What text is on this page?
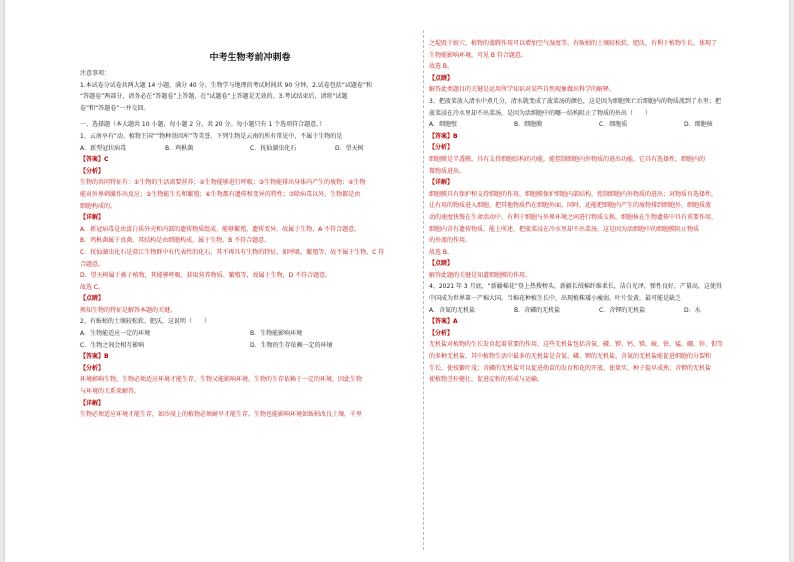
中考生物考前冲刺卷
注意事项：
1.本试卷分试卷共两大题 14 小题，满分 40 分。生物学与地理的考试时间共 90 分钟。2.试卷包括“试题卷”和
“答题卷”两部分，请务必在“答题卷”上答题，在“试题卷”上答题是无效的。3.考试结束后，请将“试题
卷”和“答题卷”一并交回。
一、选择题（本大题共 10 小题，每小题 2 分，共 20 分。每小题只有 1 个选项符合题意。）
1、云南享有“动、植物王国”“物种基因库”等美誉。下列生物是云南的所有常见中，不属于生物的是
A．新型冠状病毒	B．鸡枞菌	C．抚仙湖虫化石	D．望天树
【答案】C
【分析】
生物的共同特征有：①生物的生活需要营养；②生物能够进行呼吸；③生物能排出身体内产生的废物；④生物
能对外界刺激作出反应；⑤生物能生长和繁殖；⑥生物都有遗传和变异的特性；⑦除病毒以外，生物都是由
细胞构成的。
【详解】
A．新冠病毒是由蛋白质外壳和内部的遗传物质组成，能够繁殖，遗传变异，故属于生物，A 不符合题意。
B．鸡枞菌属于真菌，其结构是由细胞构成，属于生物，B 不符合题意。
C．抚仙湖虫化石是澄江生物群中有代表性的化石，其不再具有生物的特征，如呼吸、繁殖等，故不属于生物，C 符
合题意。
D．望天树属于被子植物，其能够呼吸、获取营养物质、繁殖等，故属于生物，D 不符合题意。
故选 C。
【点睛】
熟知生物的特征是解答本题的关键。
2、有蚯蚓的土壤较松软、肥沃，这说明（　　）
A．生物能适应一定的环境	B．生物能影响环境
C．生物之间会相互影响	D．生物的生存依赖一定的环境
【答案】B
【分析】
环境影响生物，生物必须适应环境才能生存，生物又能影响环境。生物的生存依赖于一定的环境，因此生物
与环境的关系来解答。
【详解】
生物必须适应环境才能生存，如沙漠上的植物必须耐旱才能生存。生物也能影响环境如蚯蚓改良土壤，千里
之堤毁于蚁穴，植物的蒸腾作用可以增加空气湿度等。有蚯蚓的土壤较松软、肥沃，有利于植物生长，体现了
生物能影响环境，可见 B 符合题意。
故选 B。
【点睛】
解答此类题目的关键是运用所学知识对某些自然现象做出科学的解释。
3、把菠菜放入清水中煮几分，清水就变成了菠菜汤的颜色，这是因为细胞死亡后细胞内的物质流到了水里；把
菠菜浸在冷水里却不出菜汤，是因为活细胞中的哪一结构阻止了物质的外出（　　）
A．细胞壁	B．细胞膜	C．细胞质	D．细胞核
【答案】B
【分析】
细胞膜是半透膜，具有支持细胞结构的功能，能控制细胞内外物质的进出功能，它具有选择性，细胞内的
微物质进出。
【详解】
细胞膜具有保护和支持细胞的作用，细胞膜保护细胞内部结构，控制细胞内外物质的进出；对物质有选择性，
让有用的物质进入细胞，把其他物质挡在细胞外面。同时，还能把细胞内产生的废物排到细胞外。细胞质流
动的速度快慢在生命活动中，有利于细胞与外界环境之间进行物质交换，细胞核在生物遗传中具有重要作用，
细胞内含有遗传物质，能上所述，把菠菜浸在冷水里却不出菜汤，这是因为活细胞中的细胞膜阻止物质
的外流的作用。
故选 B。
【点睛】
解答此题的关键是知道细胞膜的作用。
4、2021 年 3 月底，“新疆棉花”登上热搜榜头，新疆长绒棉纤维柔长，洁白光泽，弹性良好，产量高，这使得
中国成为世界第一产棉大国。当棉花种植生长中，出现植株矮小瘦弱，叶片发黄，最可能是缺乏
A．含氮的无机盐	B．含磷的无机盐	C．含钾的无机盐	D．水
【答案】A
【分析】
无机盐对植物的生长发育起着重要的作用，这些无机盐包括含氮、磷、钾、钙、镁、硫、铁、锰、硼、锌、钼等
的多种无机盐，其中植物生活中最多的无机盐是含氮、磷、钾的无机盐。含氮的无机盐能促进细胞的分裂和
生长，使枝繁叶茂；含磷的无机盐可以促进幼苗的发育和花的开放，使果实、种子提早成熟；含钾的无机盐
使植物茎秆健壮，促进淀粉的形成与运输。
